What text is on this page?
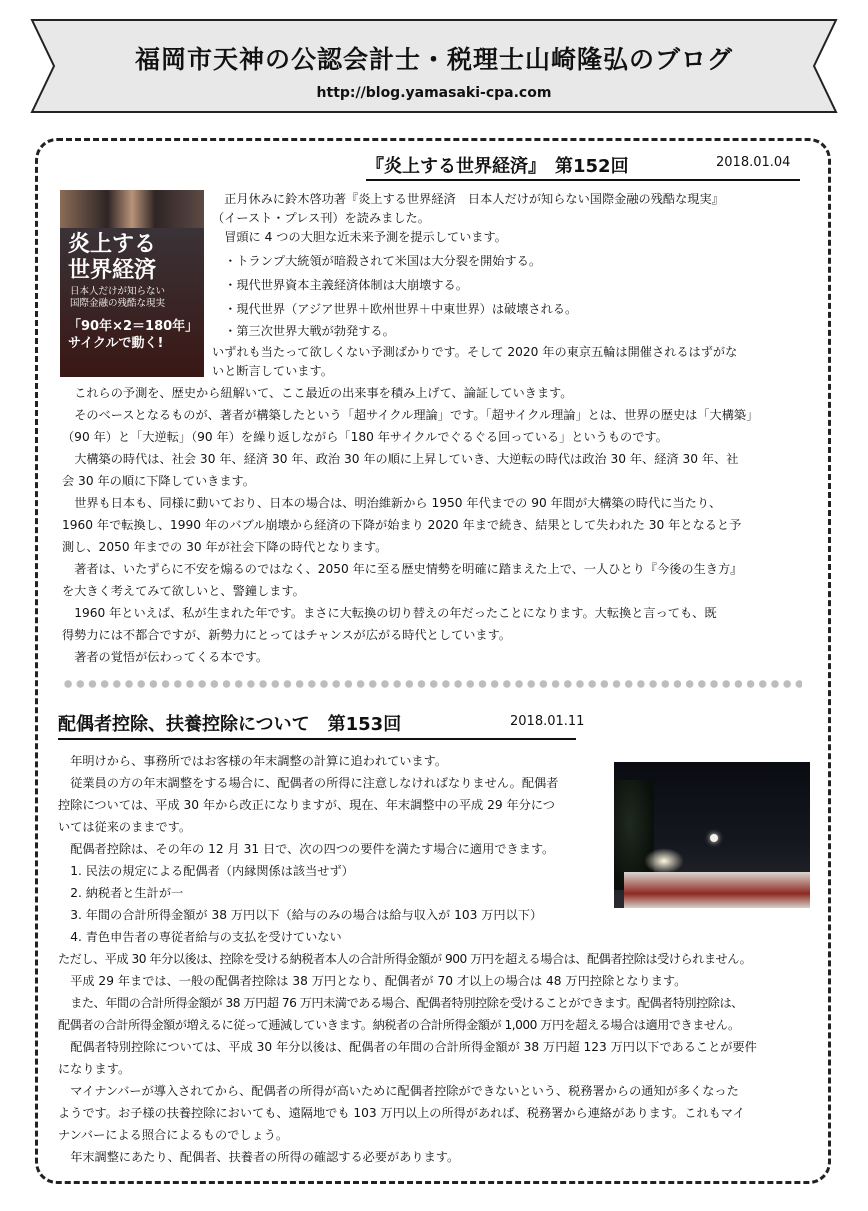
福岡市天神の公認会計士・税理士山崎隆弘のブログ
http://blog.yamasaki-cpa.com
『炎上する世界経済』　第152回	2018.01.04
炎上する
世界経済
日本人だけが知らない
国際金融の残酷な現実
「90年×2＝180年」
サイクルで動く!
正月休みに鈴木啓功著『炎上する世界経済　日本人だけが知らない国際金融の残酷な現実』
（イースト・プレス刊）を読みました。
冒頭に 4 つの大胆な近未来予測を提示しています。
・トランプ大統領が暗殺されて米国は大分裂を開始する。
・現代世界資本主義経済体制は大崩壊する。
・現代世界（アジア世界＋欧州世界＋中東世界）は破壊される。
・第三次世界大戦が勃発する。
いずれも当たって欲しくない予測ばかりです。そして 2020 年の東京五輪は開催されるはずがな
いと断言しています。
これらの予測を、歴史から紐解いて、ここ最近の出来事を積み上げて、論証していきます。
そのベースとなるものが、著者が構築したという「超サイクル理論」です。「超サイクル理論」とは、世界の歴史は「大構築」
（90 年）と「大逆転」（90 年）を繰り返しながら「180 年サイクルでぐるぐる回っている」というものです。
大構築の時代は、社会 30 年、経済 30 年、政治 30 年の順に上昇していき、大逆転の時代は政治 30 年、経済 30 年、社
会 30 年の順に下降していきます。
世界も日本も、同様に動いており、日本の場合は、明治維新から 1950 年代までの 90 年間が大構築の時代に当たり、
1960 年で転換し、1990 年のバブル崩壊から経済の下降が始まり 2020 年まで続き、結果として失われた 30 年となると予
測し、2050 年までの 30 年が社会下降の時代となります。
著者は、いたずらに不安を煽るのではなく、2050 年に至る歴史情勢を明確に踏まえた上で、一人ひとり『今後の生き方』
を大きく考えてみて欲しいと、警鐘します。
1960 年といえば、私が生まれた年です。まさに大転換の切り替えの年だったことになります。大転換と言っても、既
得勢力には不都合ですが、新勢力にとってはチャンスが広がる時代としています。
著者の覚悟が伝わってくる本です。
配偶者控除、扶養控除について　第153回	2018.01.11
年明けから、事務所ではお客様の年末調整の計算に追われています。
従業員の方の年末調整をする場合に、配偶者の所得に注意しなければなりません。配偶者
控除については、平成 30 年から改正になりますが、現在、年末調整中の平成 29 年分につ
いては従来のままです。
配偶者控除は、その年の 12 月 31 日で、次の四つの要件を満たす場合に適用できます。
1. 民法の規定による配偶者（内縁関係は該当せず）
2. 納税者と生計が一
3. 年間の合計所得金額が 38 万円以下（給与のみの場合は給与収入が 103 万円以下）
4. 青色申告者の専従者給与の支払を受けていない
ただし、平成 30 年分以後は、控除を受ける納税者本人の合計所得金額が 900 万円を超える場合は、配偶者控除は受けられません。
平成 29 年までは、一般の配偶者控除は 38 万円となり、配偶者が 70 才以上の場合は 48 万円控除となります。
また、年間の合計所得金額が 38 万円超 76 万円未満である場合、配偶者特別控除を受けることができます。配偶者特別控除は、
配偶者の合計所得金額が増えるに従って逓減していきます。納税者の合計所得金額が 1,000 万円を超える場合は適用できません。
配偶者特別控除については、平成 30 年分以後は、配偶者の年間の合計所得金額が 38 万円超 123 万円以下であることが要件
になります。
マイナンバーが導入されてから、配偶者の所得が高いために配偶者控除ができないという、税務署からの通知が多くなった
ようです。お子様の扶養控除においても、遠隔地でも 103 万円以上の所得があれば、税務署から連絡があります。これもマイ
ナンバーによる照合によるものでしょう。
年末調整にあたり、配偶者、扶養者の所得の確認する必要があります。
